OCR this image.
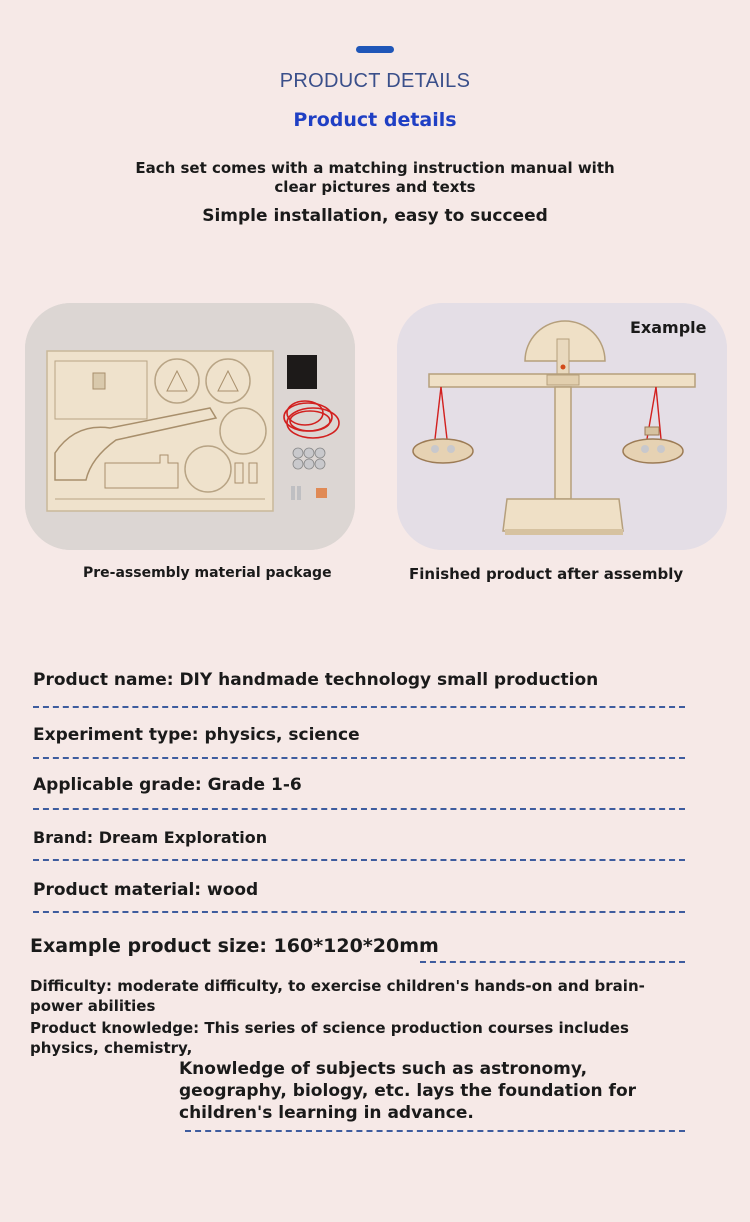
PRODUCT DETAILS
Product details
Each set comes with a matching instruction manual with clear pictures and texts
Simple installation, easy to succeed
Example
Pre-assembly material package	Finished product after assembly
Product name: DIY handmade technology small production
Experiment type: physics, science
Applicable grade: Grade 1-6
Brand: Dream Exploration
Product material: wood
Example product size: 160*120*20mm
Difficulty: moderate difficulty, to exercise children's hands-on and brain-power abilities
Product knowledge: This series of science production courses includes physics, chemistry,
Knowledge of subjects such as astronomy, geography, biology, etc. lays the foundation for children's learning in advance.
